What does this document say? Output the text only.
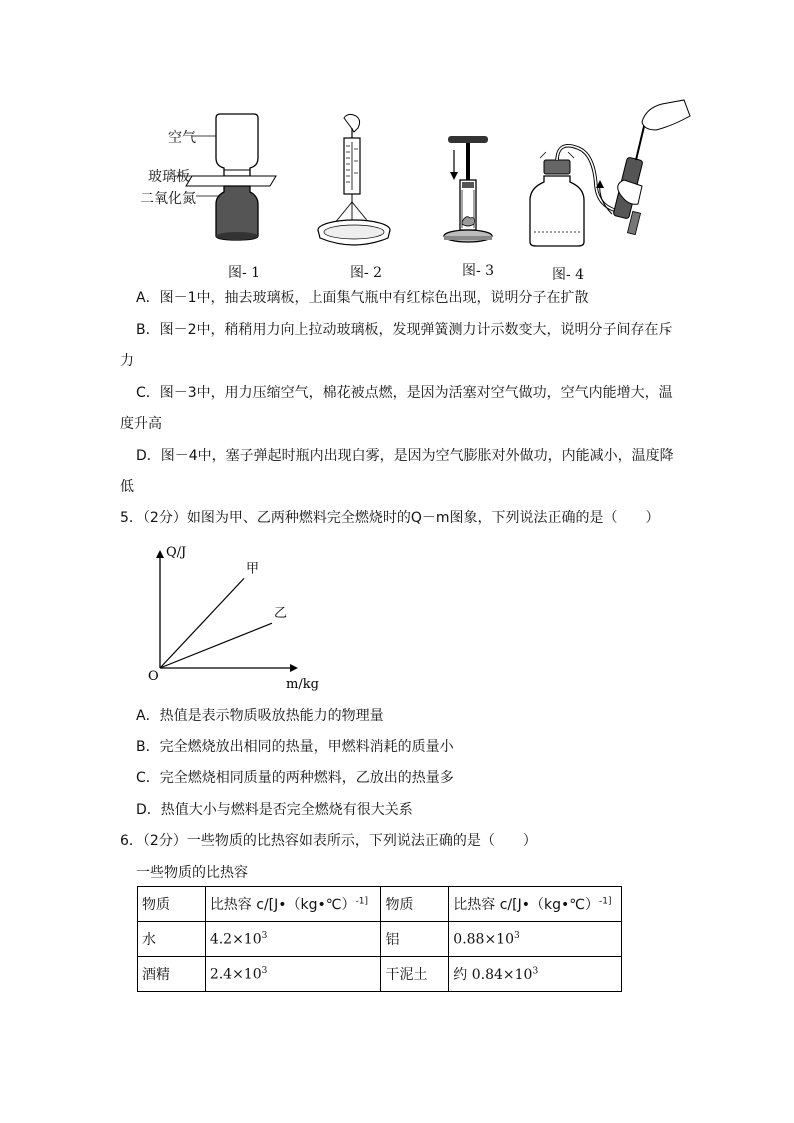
空气
玻璃板
二氧化氮
图- 1	图- 2	图- 3	图- 4
A．图－1中，抽去玻璃板，上面集气瓶中有红棕色出现，说明分子在扩散
B．图－2中，稍稍用力向上拉动玻璃板，发现弹簧测力计示数变大，说明分子间存在斥
力
C．图－3中，用力压缩空气，棉花被点燃，是因为活塞对空气做功，空气内能增大，温
度升高
D．图－4中，塞子弹起时瓶内出现白雾，是因为空气膨胀对外做功，内能减小，温度降
低
5．（2分）如图为甲、乙两种燃料完全燃烧时的Q－m图象，下列说法正确的是（　　）
甲
乙
Q/J
m/kg
O
A．热值是表示物质吸放热能力的物理量
B．完全燃烧放出相同的热量，甲燃料消耗的质量小
C．完全燃烧相同质量的两种燃料，乙放出的热量多
D．热值大小与燃料是否完全燃烧有很大关系
6．（2分）一些物质的比热容如表所示，下列说法正确的是（　　）
一些物质的比热容
物质	比热容 c/[J•（kg•℃）$^{-1]}$	物质	比热容 c/[J•（kg•℃）$^{-1]}$
水	$4.2\times 10^3$	铝	$0.88\times 10^3$
酒精	$2.4\times 10^3$	干泥土	约 $0.84\times 10^3$
